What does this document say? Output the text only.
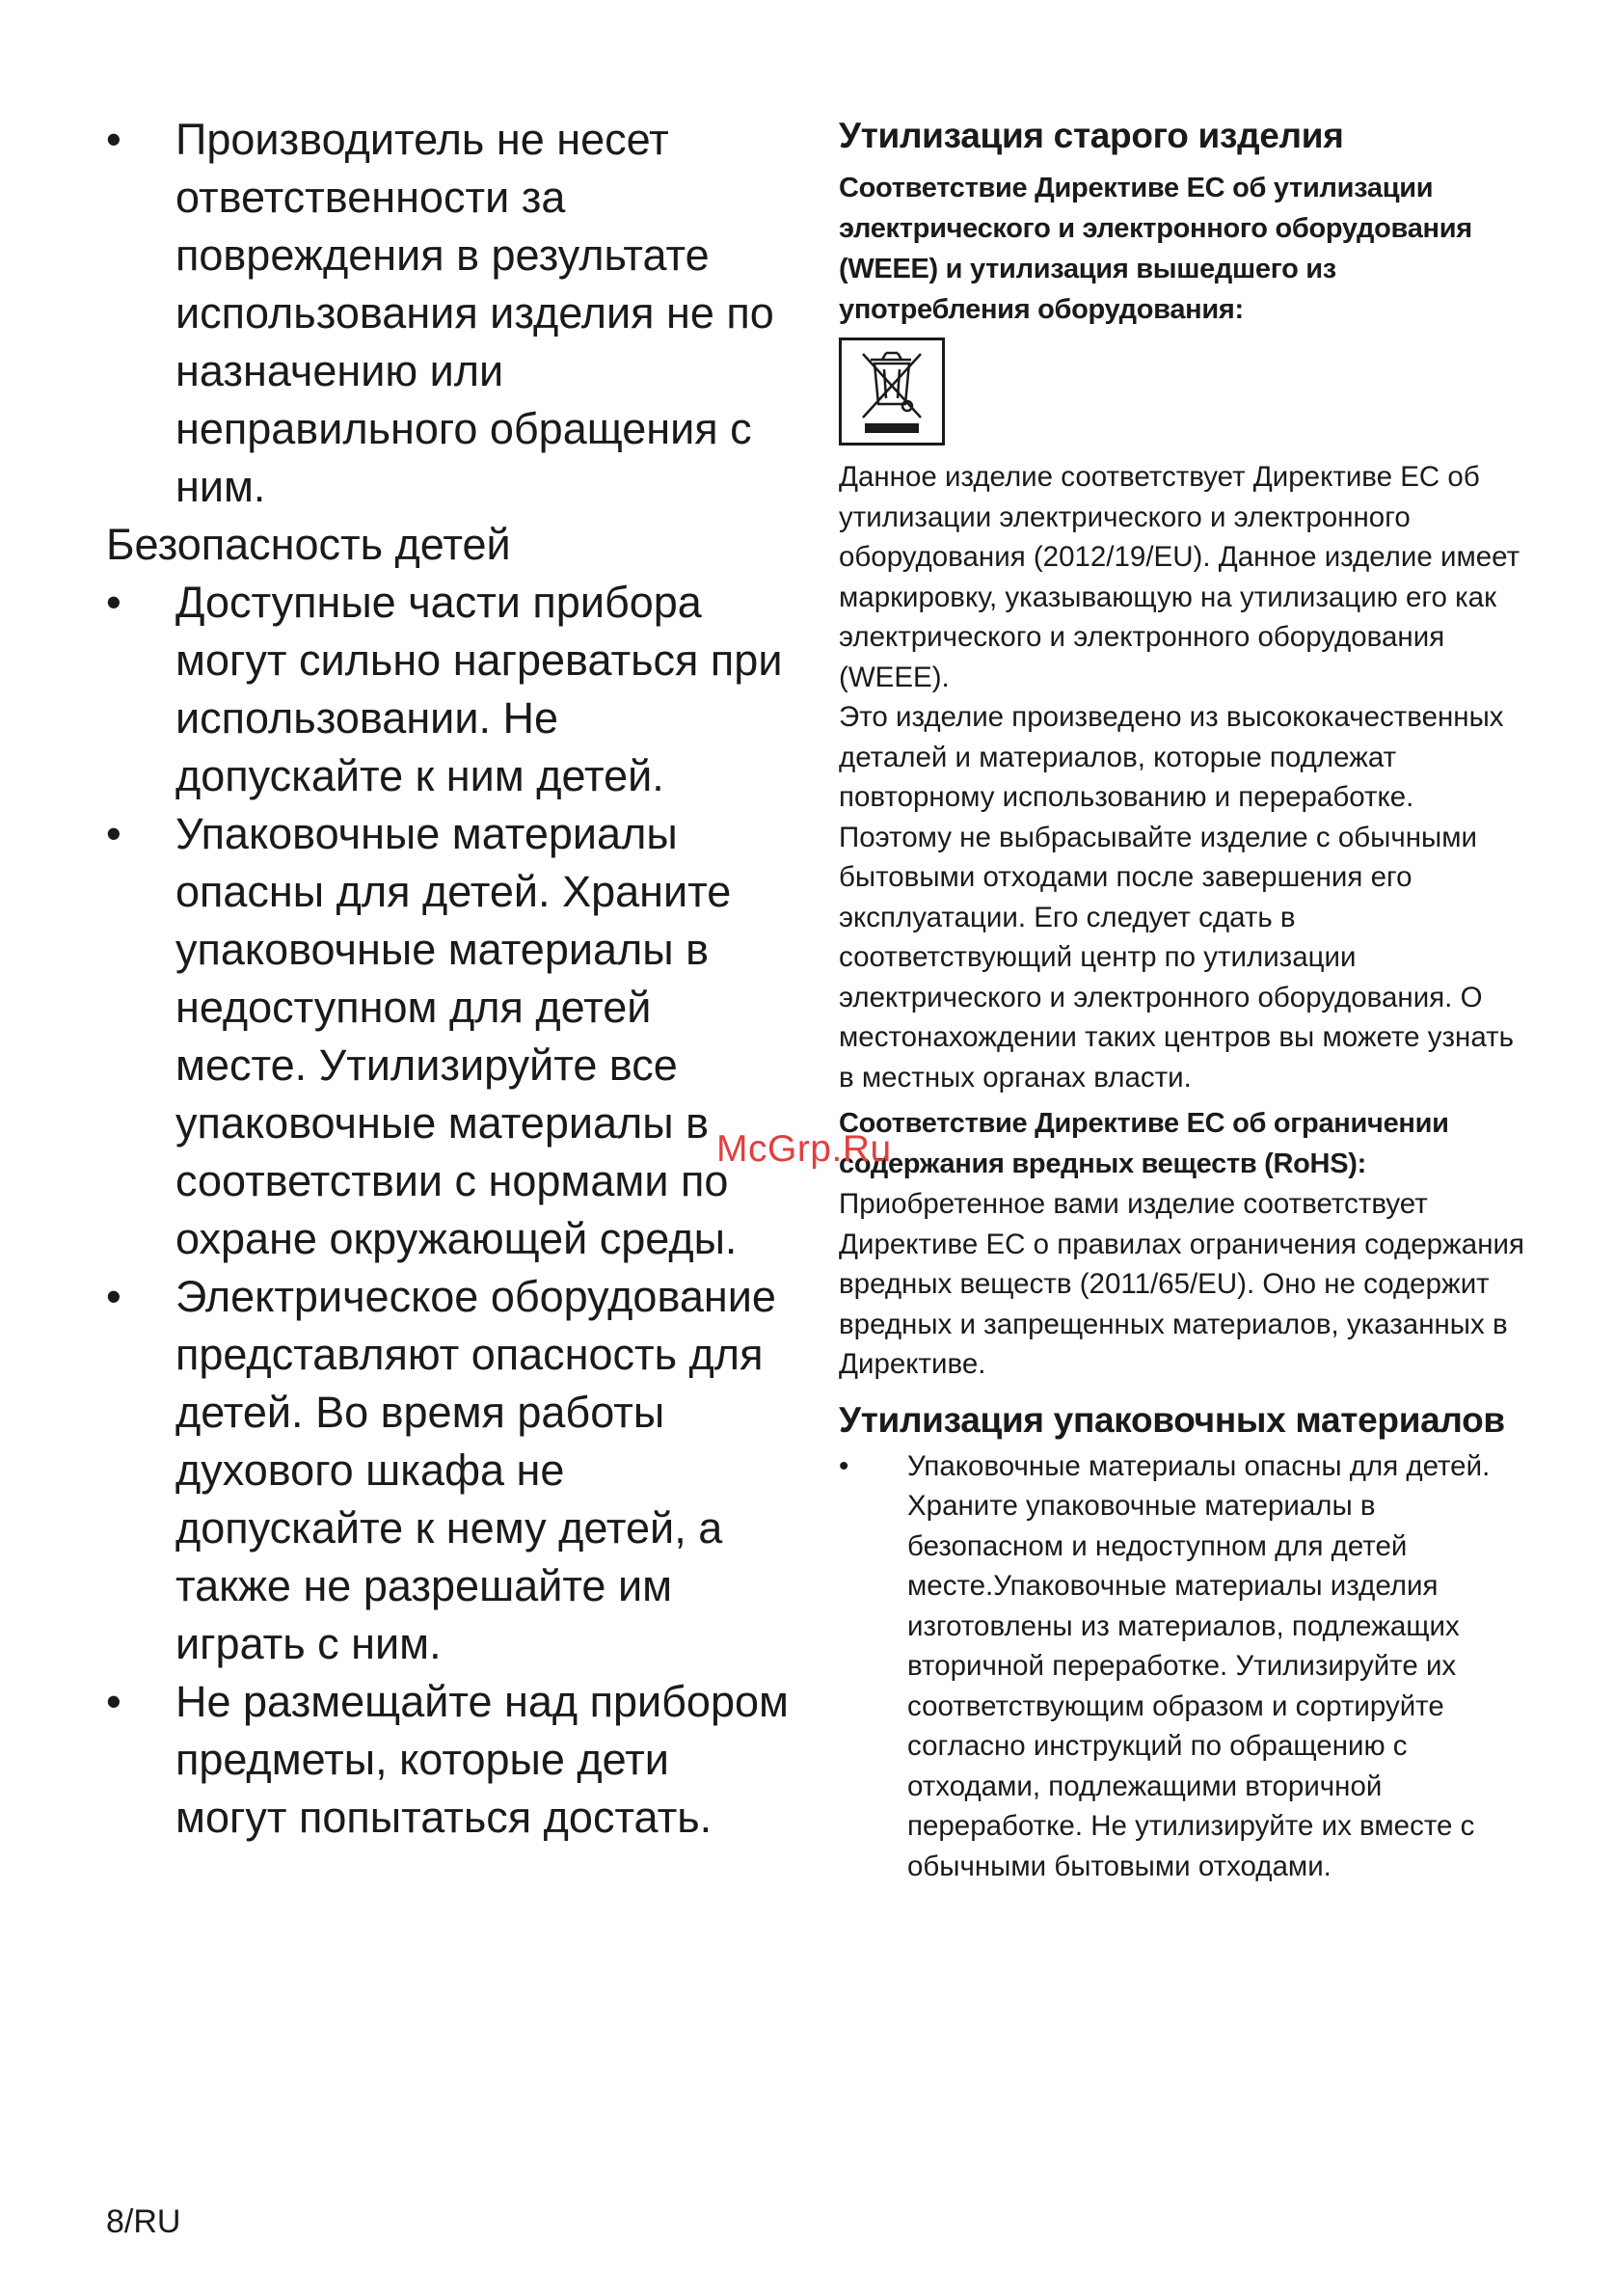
•	Производитель не несет ответственности за повреждения в результате использования изделия не по назначению или неправильного обращения с ним.

Безопасность детей

•	Доступные части прибора могут сильно нагреваться при использовании. Не допускайте к ним детей.
•	Упаковочные материалы опасны для детей. Храните упаковочные материалы в недоступном для детей месте. Утилизируйте все упаковочные материалы в соответствии с нормами по охране окружающей среды.
•	Электрическое оборудование представляют опасность для детей. Во время работы духового шкафа не допускайте к нему детей, а также не разрешайте им играть с ним.
•	Не размещайте над прибором предметы, которые дети могут попытаться достать.

Утилизация старого изделия

Соответствие Директиве ЕС об утилизации электрического и электронного оборудования (WEEE) и утилизация вышедшего из употребления оборудования:

Данное изделие соответствует Директиве ЕС об утилизации электрического и электронного оборудования (2012/19/EU). Данное изделие имеет маркировку, указывающую на утилизацию его как электрического и электронного оборудования (WEEE).

Это изделие произведено из высококачественных деталей и материалов, которые подлежат повторному использованию и переработке. Поэтому не выбрасывайте изделие с обычными бытовыми отходами после завершения его эксплуатации. Его следует сдать в соответствующий центр по утилизации электрического и электронного оборудования. О местонахождении таких центров вы можете узнать в местных органах власти.

Соответствие Директиве ЕС об ограничении содержания вредных веществ (RoHS):

Приобретенное вами изделие соответствует Директиве ЕС о правилах ограничения содержания вредных веществ (2011/65/EU). Оно не содержит вредных и запрещенных материалов, указанных в Директиве.

Утилизация упаковочных материалов

• Упаковочные материалы опасны для детей. Храните упаковочные материалы в безопасном и недоступном для детей месте.Упаковочные материалы изделия изготовлены из материалов, подлежащих вторичной переработке. Утилизируйте их соответствующим образом и сортируйте согласно инструкций по обращению с отходами, подлежащими вторичной переработке. Не утилизируйте их вместе с обычными бытовыми отходами.
McGrp.Ru
8/RU
